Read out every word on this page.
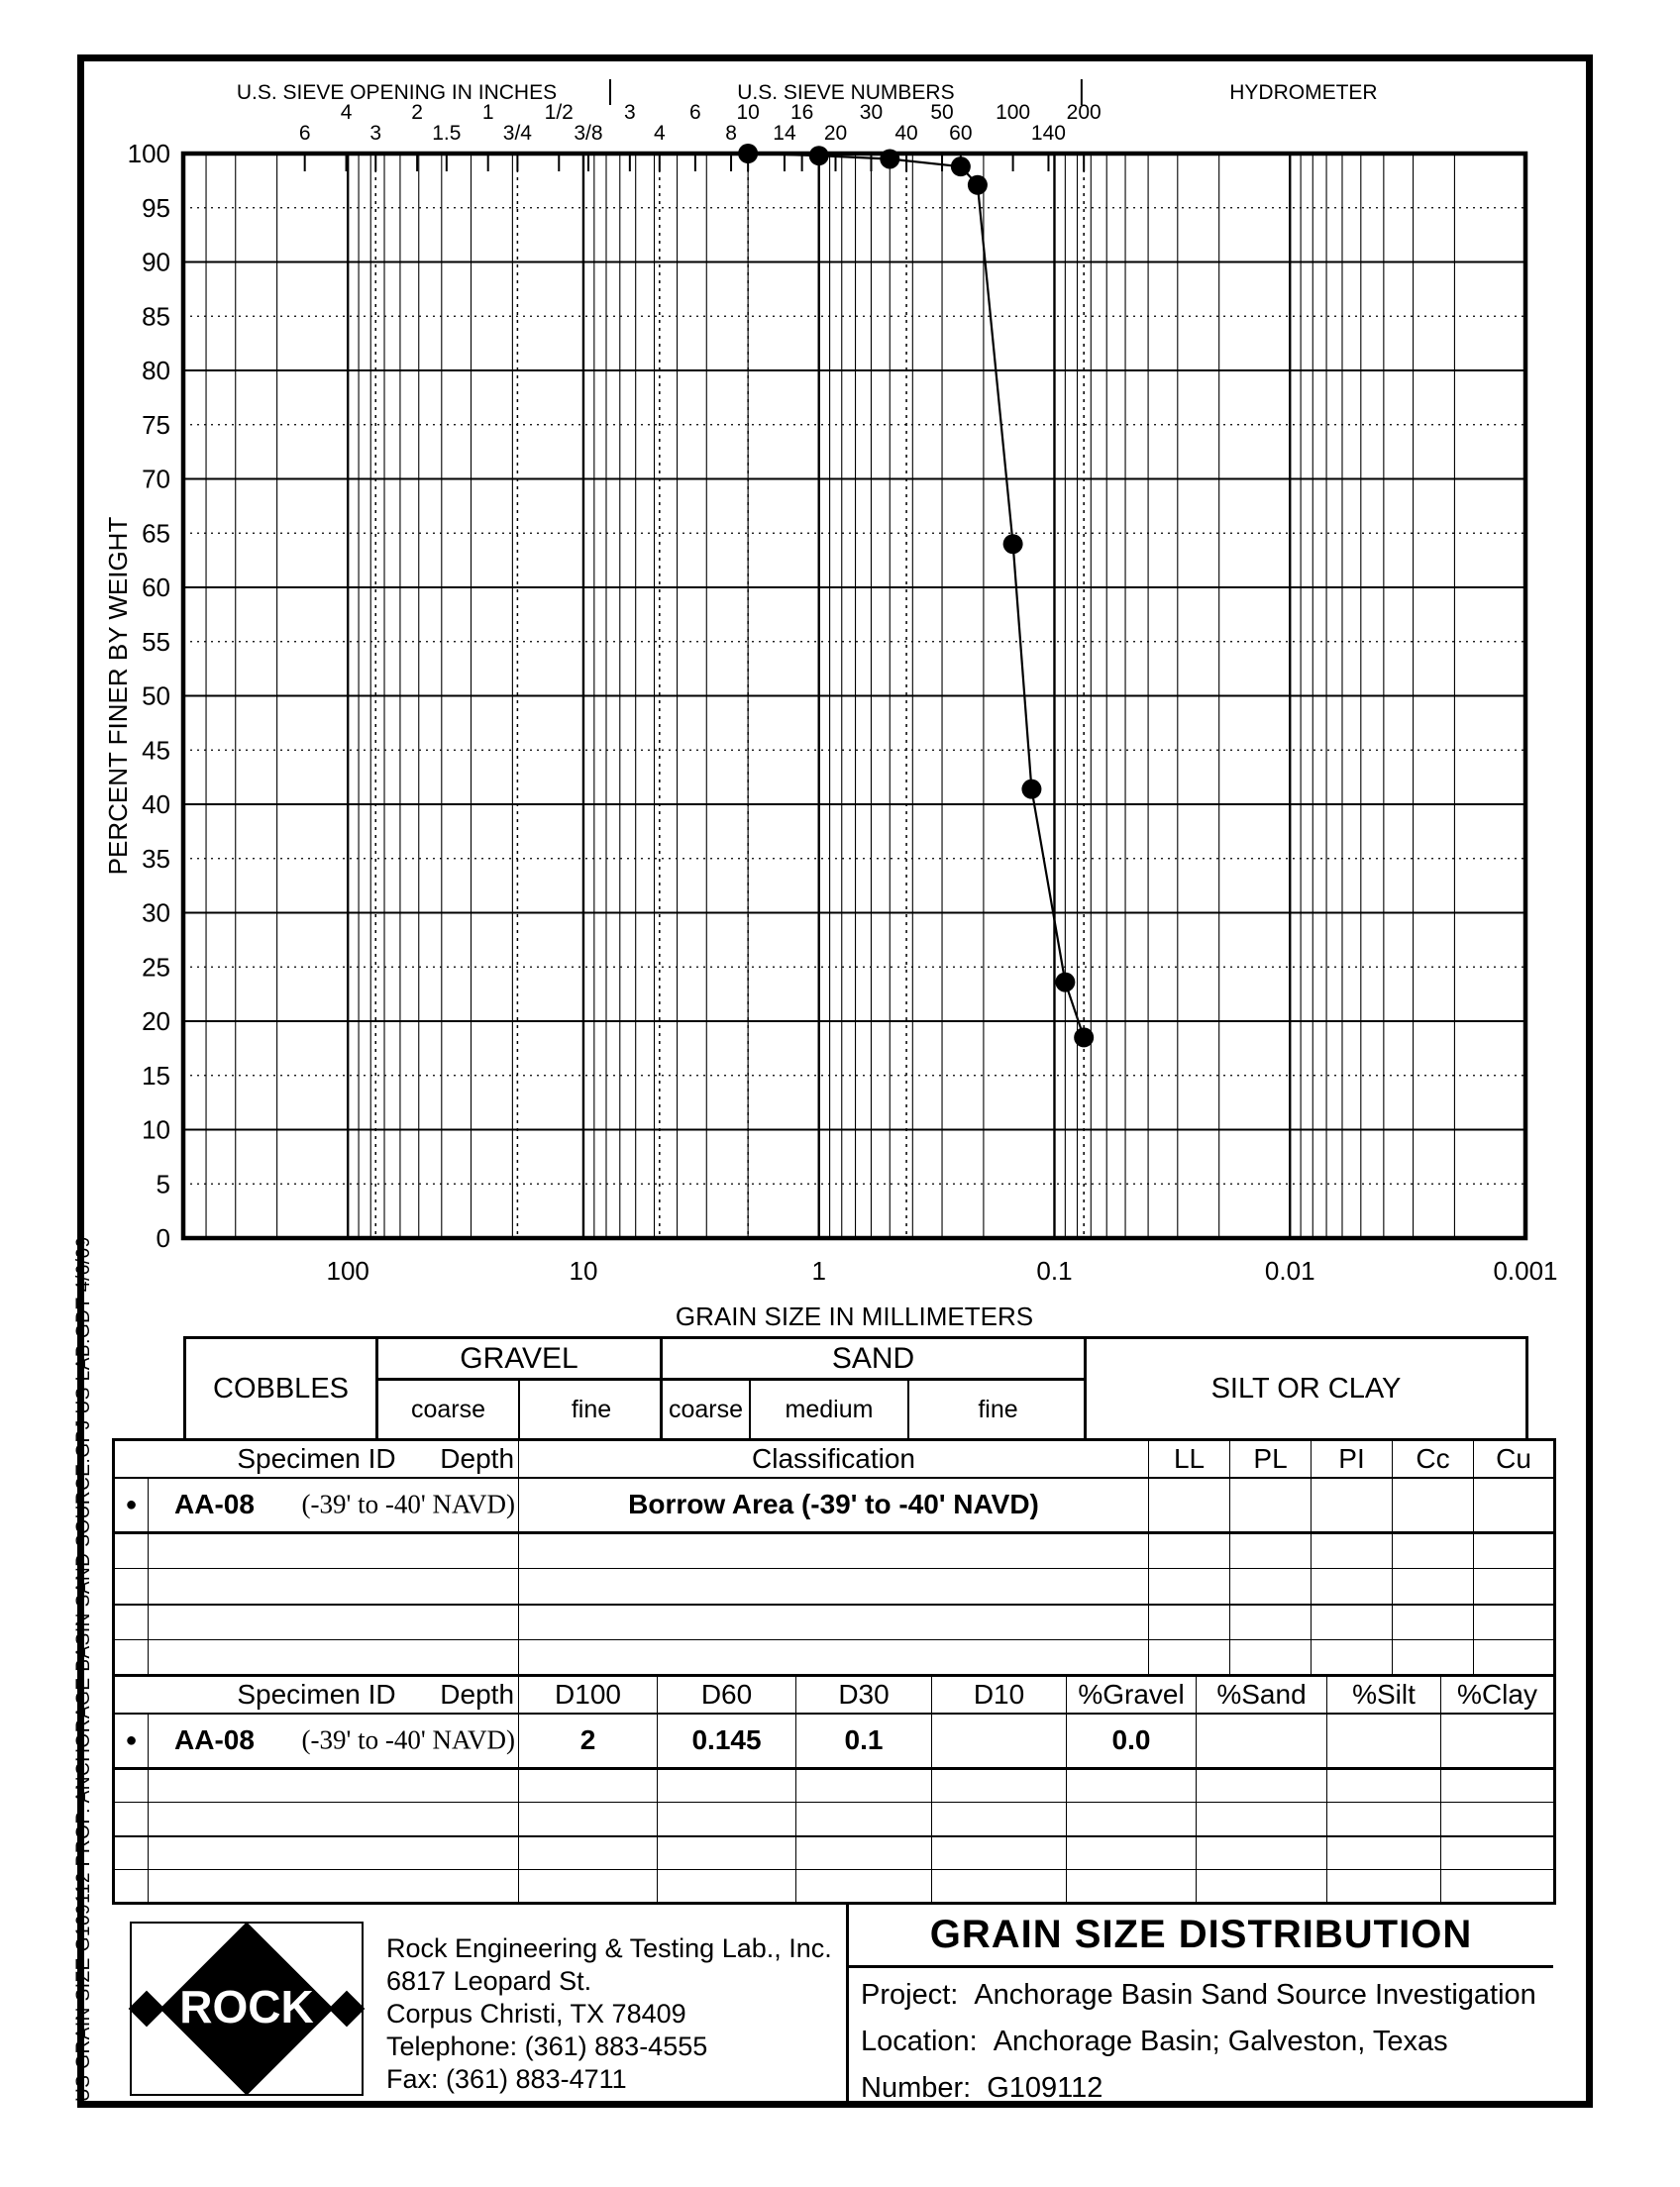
US GRAIN SIZE G109112 PROP. ANCHORAGE BASIN SAND SOURCE.GPJ US LAB.GDT 4/6/09
U.S. SIEVE OPENING IN INCHES	U.S. SIEVE NUMBERS	HYDROMETER
6
4
3
2
1.5
1
3/4
1/2
3/8
3
4
6
8
10
14
16
20
30
40
50
60
100
140
200
0
5
10
15
20
25
30
35
40
45
50
55
60
65
70
75
80
85
90
95
100
100	10	1	0.1	0.01	0.001
PERCENT FINER BY WEIGHT
GRAIN SIZE IN MILLIMETERS
COBBLES
GRAVEL
coarse	fine
SAND
coarse	medium	fine
SILT OR CLAY
Specimen ID Depth		Classification	LL	PL	PI	Cc	Cu
●	AA-08 (-39' to -40' NAVD)	Borrow Area (-39' to -40' NAVD)					

Specimen ID Depth		D100	D60	D30	D10	%Gravel	%Sand	%Silt	%Clay
●	AA-08 (-39' to -40' NAVD)	2	0.145	0.1		0.0			

ROCK
Rock Engineering & Testing Lab., Inc.
6817 Leopard St.
Corpus Christi, TX 78409
Telephone: (361) 883-4555
Fax: (361) 883-4711
GRAIN SIZE DISTRIBUTION
Project: Anchorage Basin Sand Source Investigation
Location: Anchorage Basin; Galveston, Texas
Number: G109112
